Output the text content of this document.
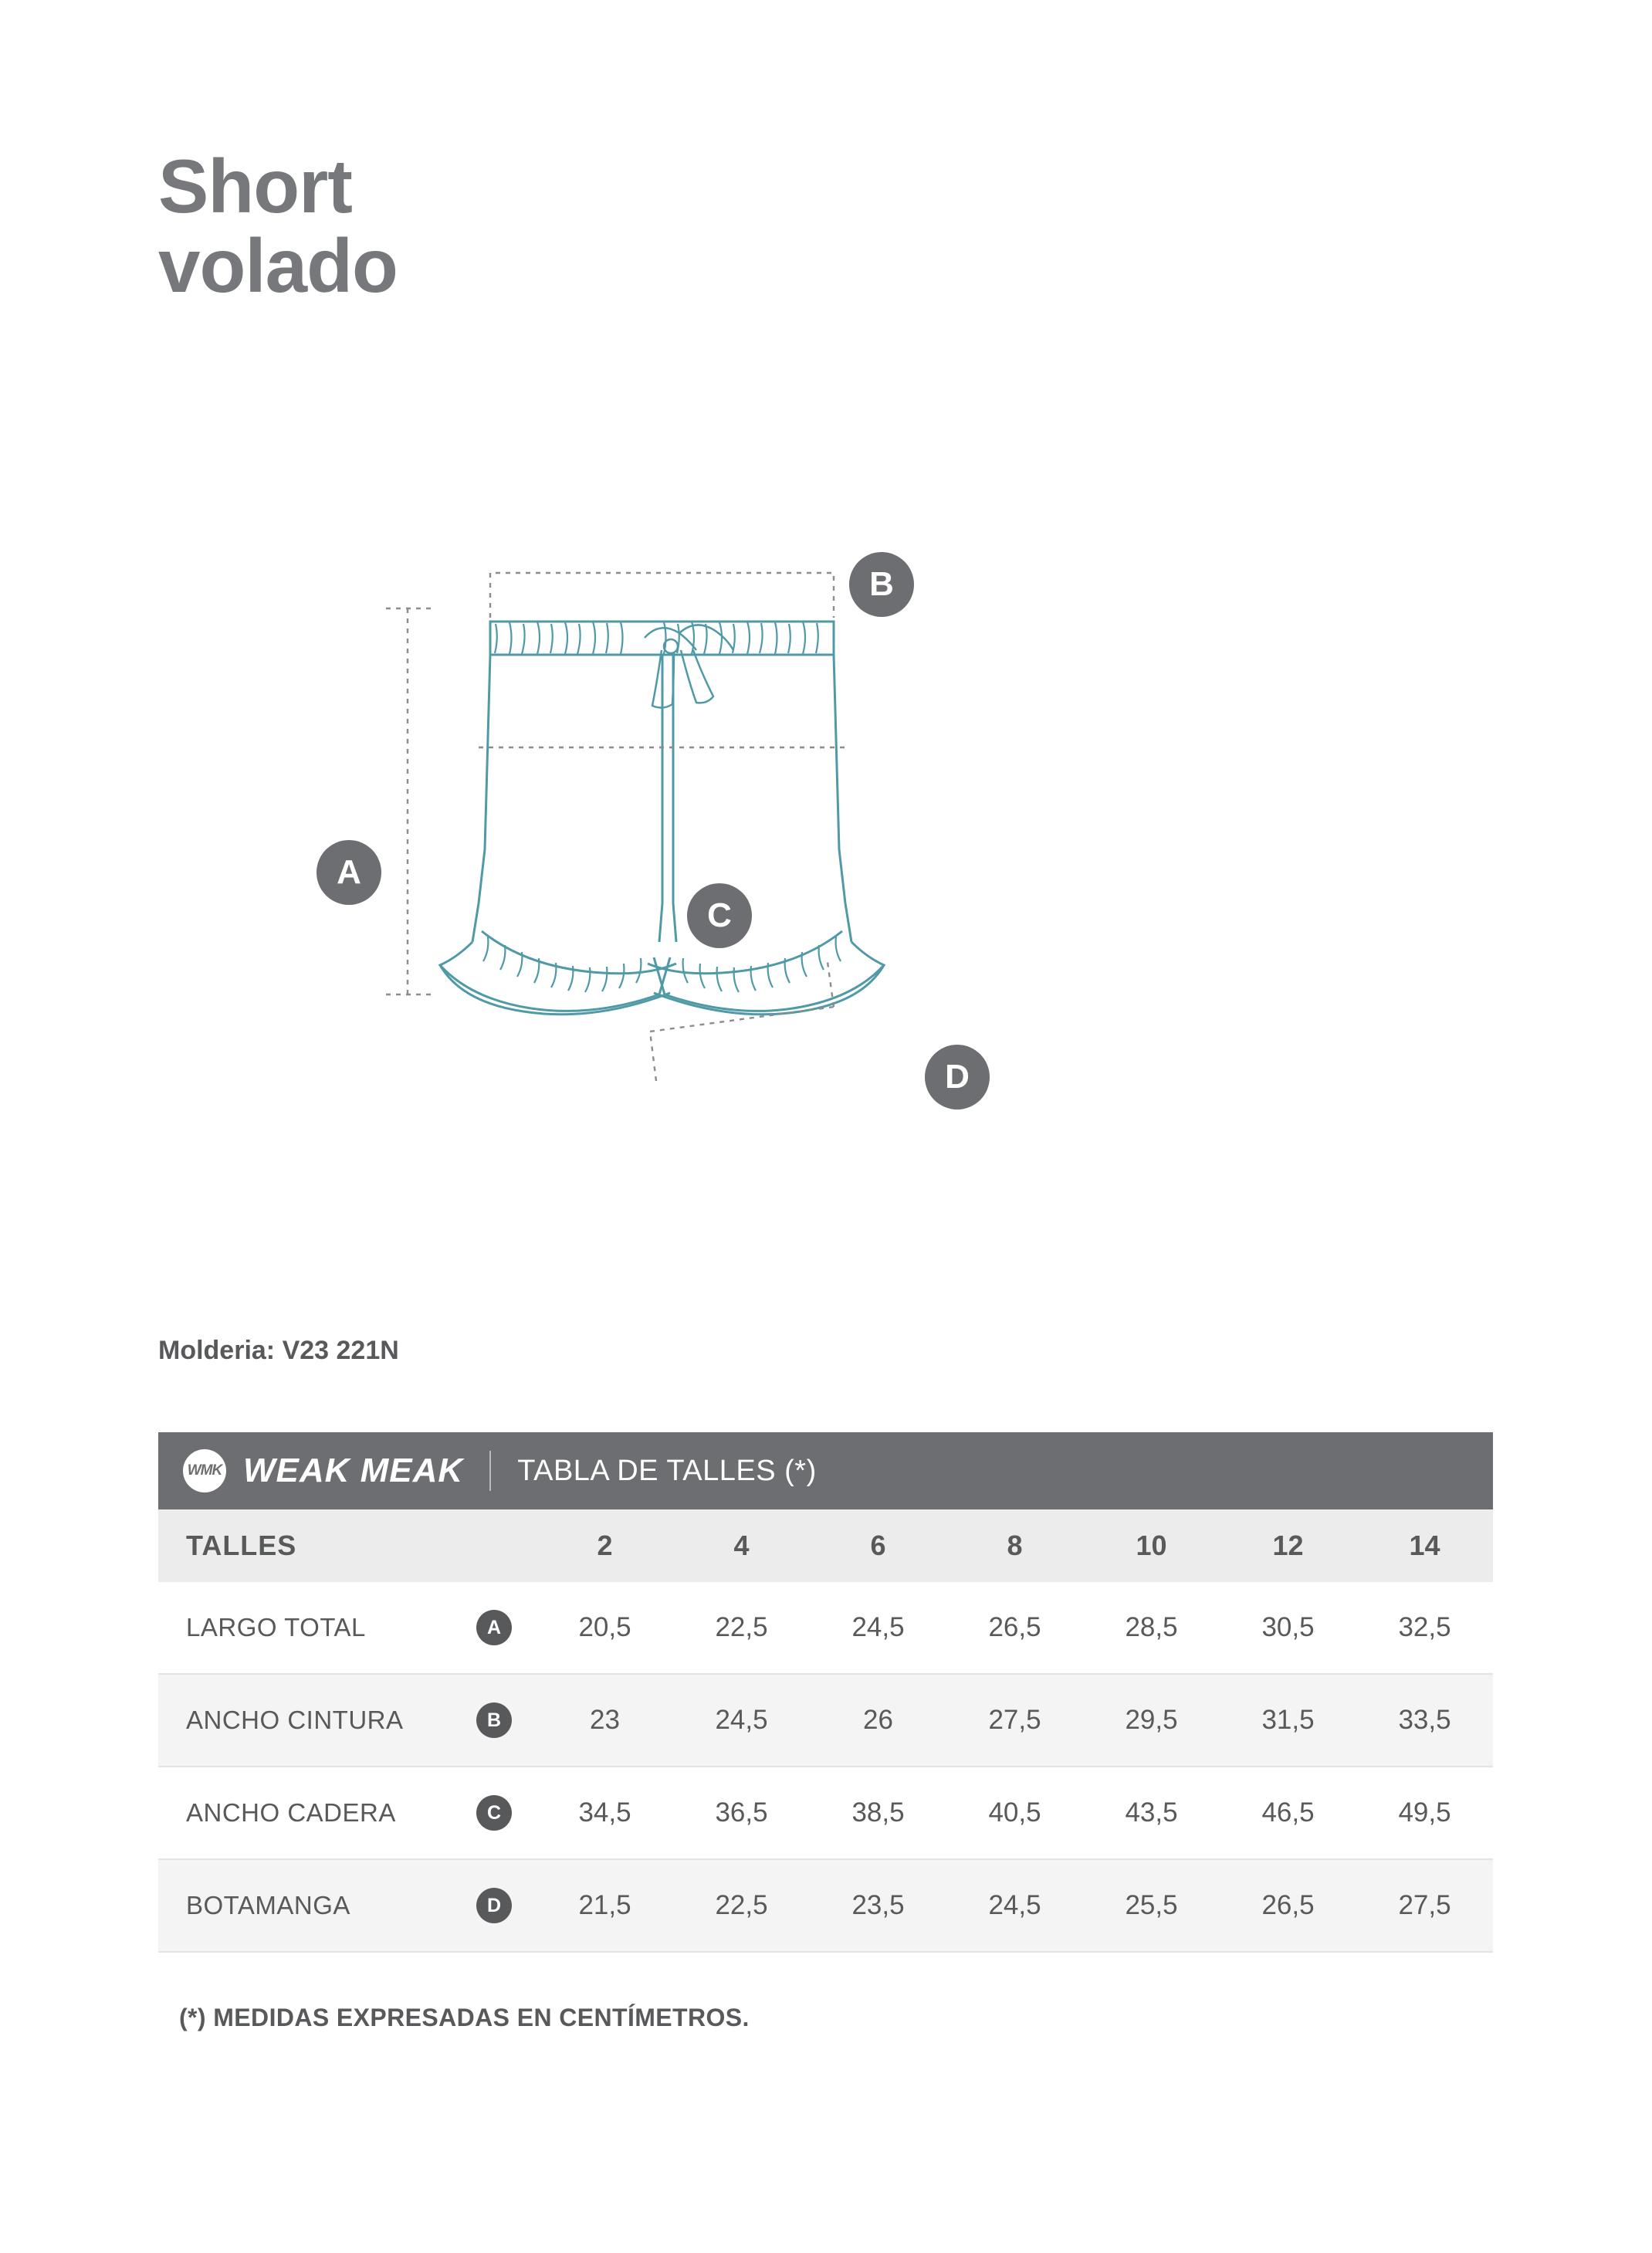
Short
volado
A
B
C
D
Molderia: V23 221N
WMK WEAK MEAK TABLA DE TALLES (*)								

TALLES		2	4	6	8	10	12	14
LARGO TOTAL	A	20,5	22,5	24,5	26,5	28,5	30,5	32,5
ANCHO CINTURA	B	23	24,5	26	27,5	29,5	31,5	33,5
ANCHO CADERA	C	34,5	36,5	38,5	40,5	43,5	46,5	49,5
BOTAMANGA	D	21,5	22,5	23,5	24,5	25,5	26,5	27,5
(*) MEDIDAS EXPRESADAS EN CENTÍMETROS.
